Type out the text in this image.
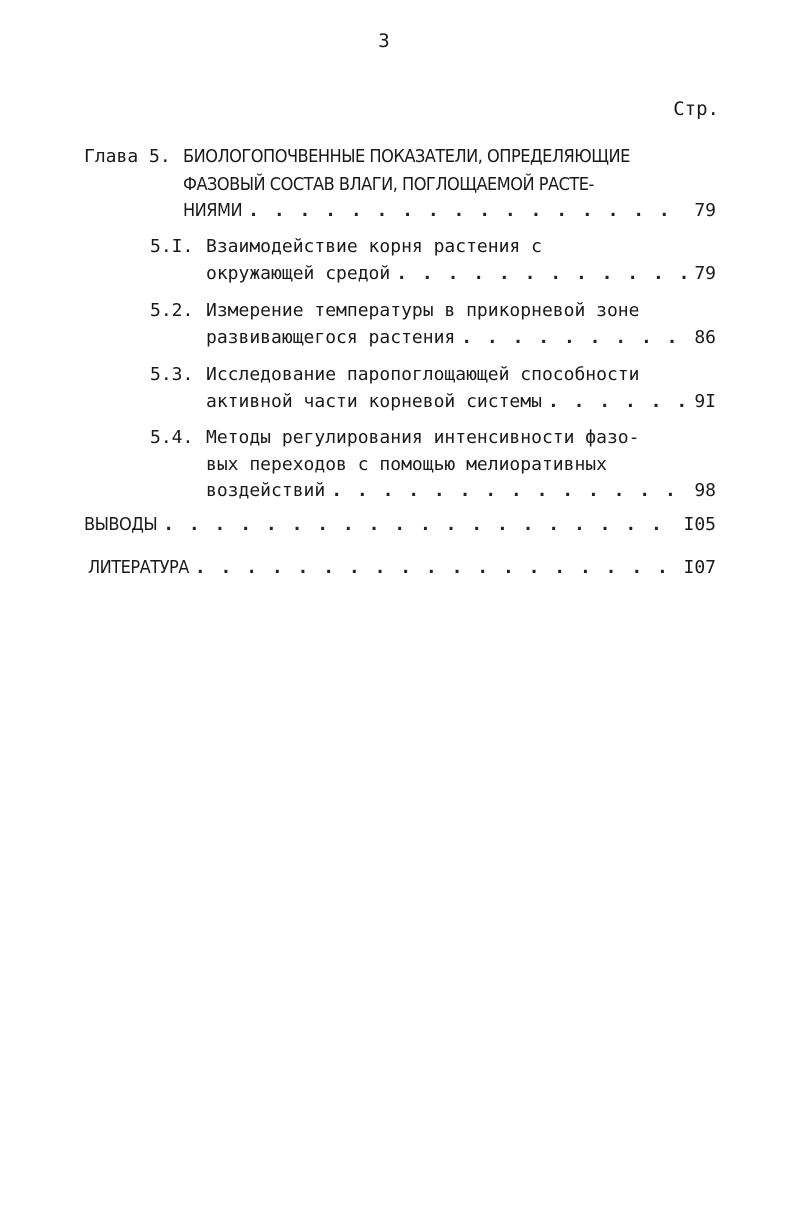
3
Стр.
Глава 5. БИОЛОГОПОЧВЕННЫЕ ПОКАЗАТЕЛИ, ОПРЕДЕЛЯЮЩИЕ
ФАЗОВЫЙ СОСТАВ ВЛАГИ, ПОГЛОЩАЕМОЙ РАСТЕ-
НИЯМИ . . .	79
5.I. Взаимодействие корня растения с
окружающей средой . . .	79
5.2. Измерение температуры в прикорневой зоне
развивающегося растения . . .	86
5.3. Исследование паропоглощающей способности
активной части корневой системы . . .	9I
5.4. Методы регулирования интенсивности фазо-
вых переходов с помощью мелиоративных
воздействий . . .	98
ВЫВОДЫ . . .	I05
ЛИТЕРАТУРА . . .	I07
